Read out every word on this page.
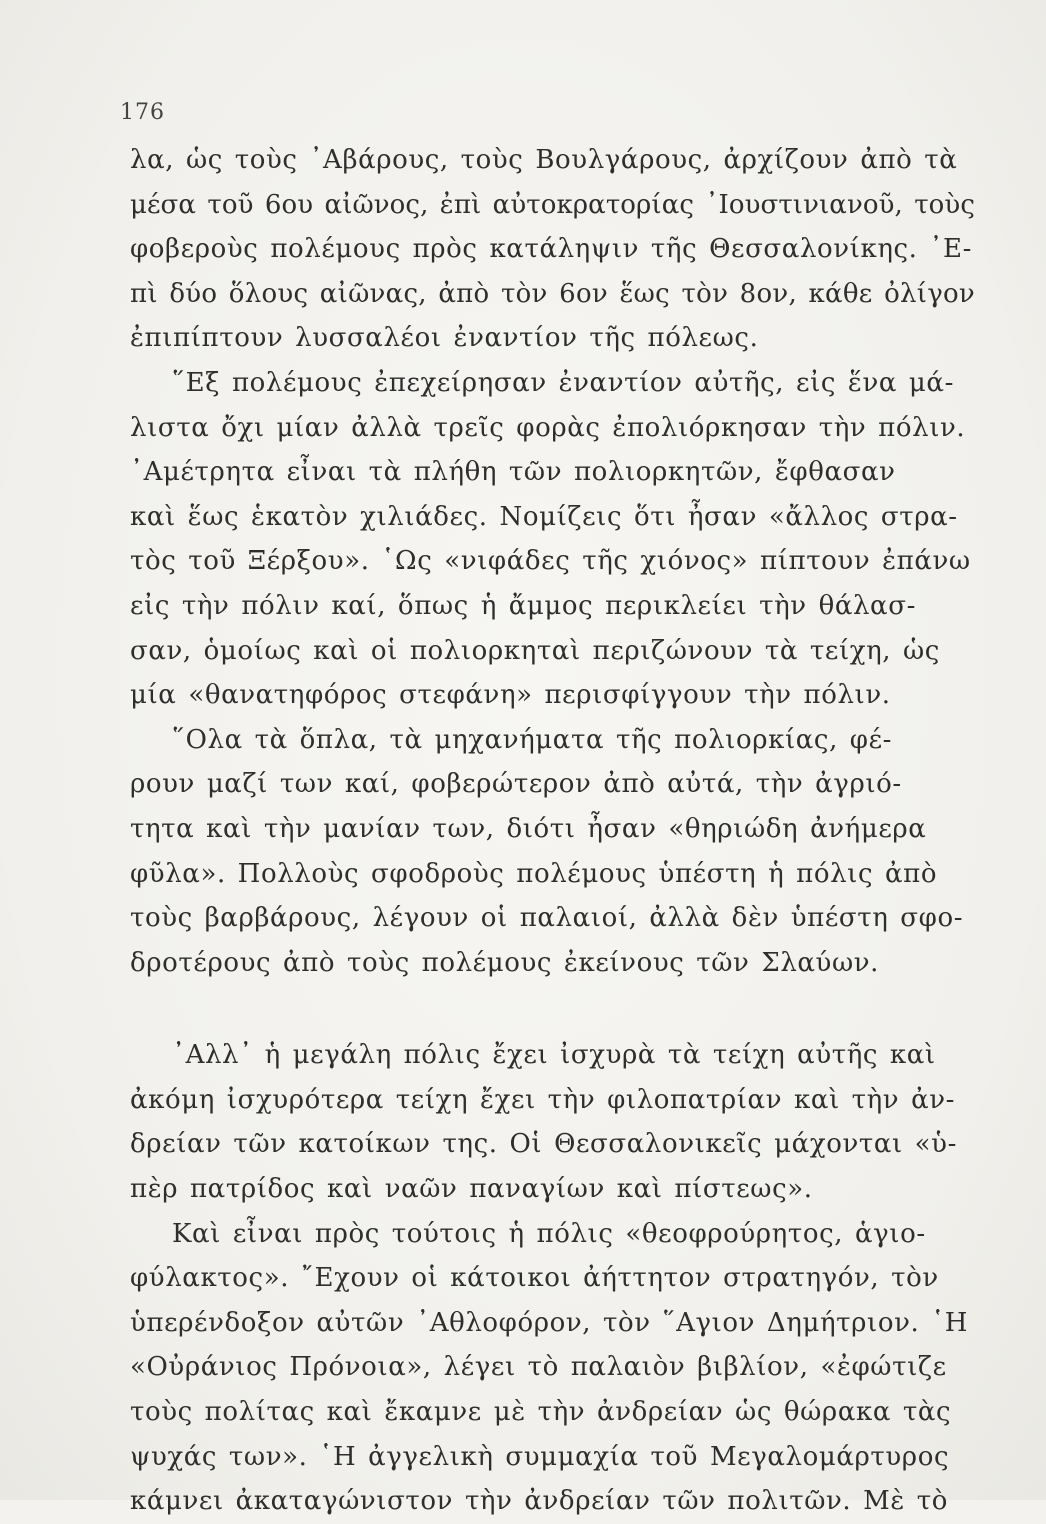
176
λα, ὡς τοὺς ᾿Αβάρους, τοὺς Βουλγάρους, ἀρχίζουν ἀπὸ τὰ
μέσα τοῦ 6ου αἰῶνος, ἐπὶ αὐτοκρατορίας ᾿Ιουστινιανοῦ, τοὺς
φοβεροὺς πολέμους πρὸς κατάληψιν τῆς Θεσσαλονίκης. ᾿Ε-
πὶ δύο ὅλους αἰῶνας, ἀπὸ τὸν 6ον ἕως τὸν 8ον, κάθε ὀλίγον
ἐπιπίπτουν λυσσαλέοι ἐναντίον τῆς πόλεως.
῞Εξ πολέμους ἐπεχείρησαν ἐναντίον αὐτῆς, εἰς ἕνα μά-
λιστα ὄχι μίαν ἀλλὰ τρεῖς φορὰς ἐπολιόρκησαν τὴν πόλιν.
᾿Αμέτρητα εἶναι τὰ πλήθη τῶν πολιορκητῶν, ἔφθασαν
καὶ ἕως ἑκατὸν χιλιάδες. Νομίζεις ὅτι ἦσαν «ἄλλος στρα-
τὸς τοῦ Ξέρξου». ῾Ως «νιφάδες τῆς χιόνος» πίπτουν ἐπάνω
εἰς τὴν πόλιν καί, ὅπως ἡ ἄμμος περικλείει τὴν θάλασ-
σαν, ὁμοίως καὶ οἱ πολιορκηταὶ περιζώνουν τὰ τείχη, ὡς
μία «θανατηφόρος στεφάνη» περισφίγγουν τὴν πόλιν.
῞Ολα τὰ ὅπλα, τὰ μηχανήματα τῆς πολιορκίας, φέ-
ρουν μαζί των καί, φοβερώτερον ἀπὸ αὐτά, τὴν ἀγριό-
τητα καὶ τὴν μανίαν των, διότι ἦσαν «θηριώδη ἀνήμερα
φῦλα». Πολλοὺς σφοδροὺς πολέμους ὑπέστη ἡ πόλις ἀπὸ
τοὺς βαρβάρους, λέγουν οἱ παλαιοί, ἀλλὰ δὲν ὑπέστη σφο-
δροτέρους ἀπὸ τοὺς πολέμους ἐκείνους τῶν Σλαύων.
᾿Αλλ᾿ ἡ μεγάλη πόλις ἔχει ἰσχυρὰ τὰ τείχη αὐτῆς καὶ
ἀκόμη ἰσχυρότερα τείχη ἔχει τὴν φιλοπατρίαν καὶ τὴν ἀν-
δρείαν τῶν κατοίκων της. Οἱ Θεσσαλονικεῖς μάχονται «ὑ-
πὲρ πατρίδος καὶ ναῶν παναγίων καὶ πίστεως».
Καὶ εἶναι πρὸς τούτοις ἡ πόλις «θεοφρούρητος, ἁγιο-
φύλακτος». ῎Εχουν οἱ κάτοικοι ἀήττητον στρατηγόν, τὸν
ὑπερένδοξον αὐτῶν ᾿Αθλοφόρον, τὸν ῞Αγιον Δημήτριον. ῾Η
«Οὐράνιος Πρόνοια», λέγει τὸ παλαιὸν βιβλίον, «ἐφώτιζε
τοὺς πολίτας καὶ ἔκαμνε μὲ τὴν ἀνδρείαν ὡς θώρακα τὰς
ψυχάς των». ῾Η ἀγγελικὴ συμμαχία τοῦ Μεγαλομάρτυρος
κάμνει ἀκαταγώνιστον τὴν ἀνδρείαν τῶν πολιτῶν. Μὲ τὸ
